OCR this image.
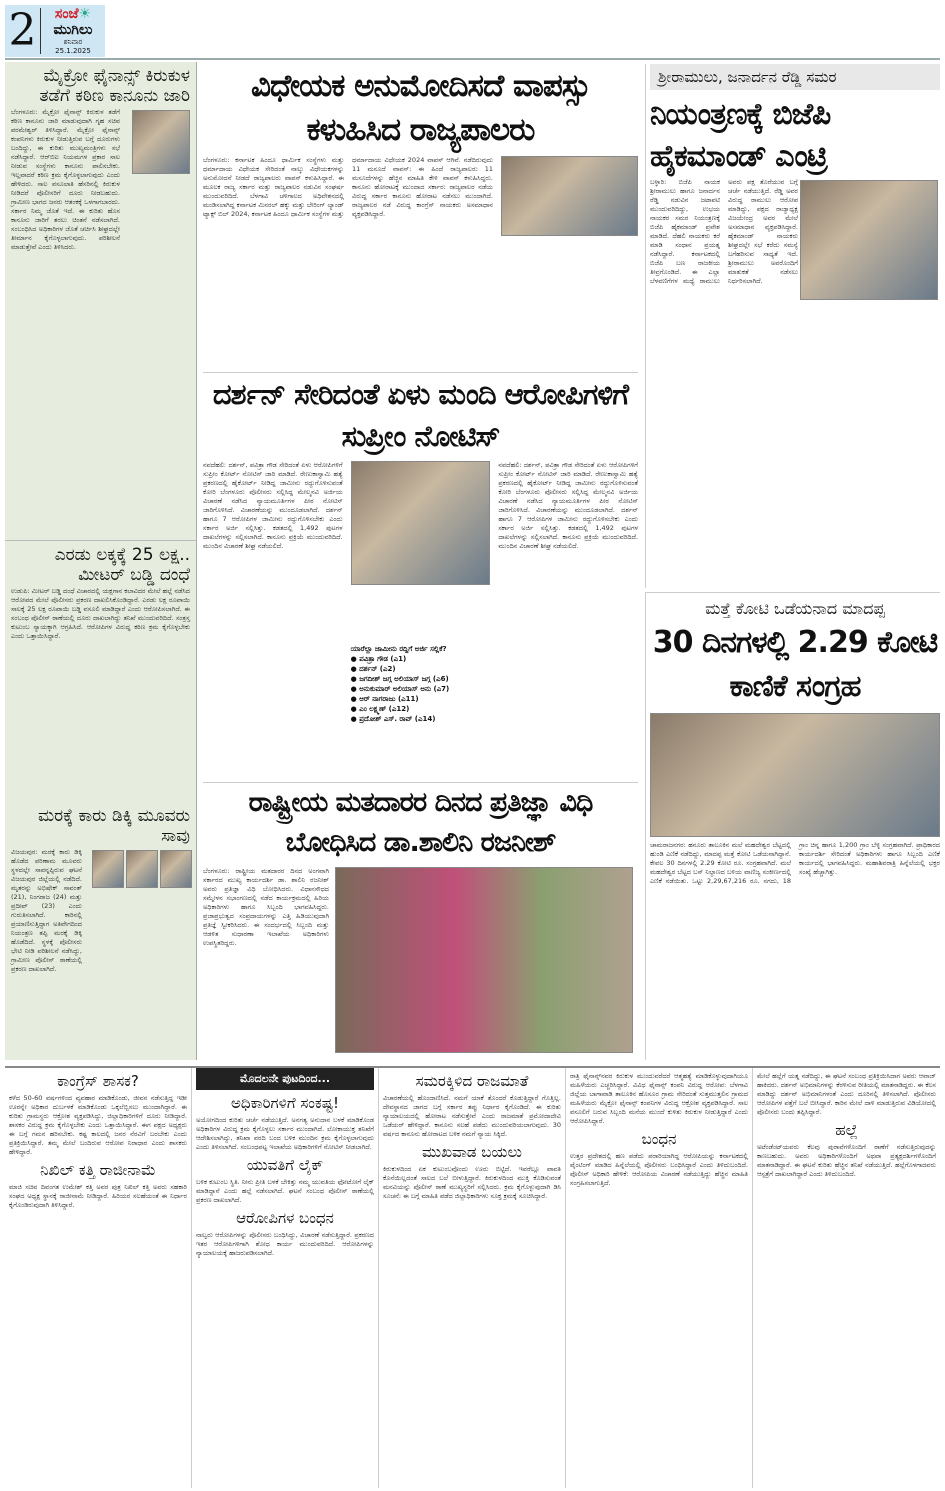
2	ಸಂಜೆ☀ಮುಗಿಲು
ಶನಿವಾರ
25.1.2025
ಮೈಕ್ರೋ ಫೈನಾನ್ಸ್ ಕಿರುಕುಳ ತಡೆಗೆ ಕಠಿಣ ಕಾನೂನು ಜಾರಿ
ಬೆಂಗಳೂರು: ಮೈಕ್ರೋ ಫೈನಾನ್ಸ್ ಕಿರುಕುಳ ತಡೆಗೆ ಕಠಿಣ ಕಾನೂನು ಜಾರಿ ಮಾಡುವುದಾಗಿ ಗೃಹ ಸಚಿವ ಪರಮೇಶ್ವರ್ ತಿಳಿಸಿದ್ದಾರೆ. ಮೈಕ್ರೋ ಫೈನಾನ್ಸ್ ಕಂಪನಿಗಳು ಕಿರುಕುಳ ನೀಡುತ್ತಿರುವ ಬಗ್ಗೆ ದೂರುಗಳು ಬಂದಿದ್ದು, ಈ ಕುರಿತು ಮುಖ್ಯಮಂತ್ರಿಗಳು ಸಭೆ ನಡೆಸಿದ್ದಾರೆ. ಆರ್‌ಬಿಐ ನಿಯಮಗಳ ಪ್ರಕಾರ ಸಾಲ ನೀಡುವ ಸಂಸ್ಥೆಗಳು ಕಾನೂನು ಪಾಲಿಸಬೇಕು. ಇಲ್ಲವಾದರೆ ಕಠಿಣ ಕ್ರಮ ಕೈಗೊಳ್ಳಲಾಗುವುದು ಎಂದು ಹೇಳಿದರು. ಸಾಲ ವಸೂಲಾತಿ ಹೆಸರಿನಲ್ಲಿ ಕಿರುಕುಳ ನೀಡಿದರೆ ಪೊಲೀಸರಿಗೆ ದೂರು ನೀಡಬಹುದು. ಗ್ರಾಮೀಣ ಭಾಗದ ಜನರು ಆತಂಕಕ್ಕೆ ಒಳಗಾಗಬಾರದು. ಸರ್ಕಾರ ನಿಮ್ಮ ಜೊತೆ ಇದೆ. ಈ ಕುರಿತು ಹೊಸ ಕಾನೂನು ಜಾರಿಗೆ ತರಲು ಚಿಂತನೆ ನಡೆಸಲಾಗಿದೆ. ಸಂಬಂಧಿಸಿದ ಅಧಿಕಾರಿಗಳ ಜೊತೆ ಚರ್ಚಿಸಿ ಶೀಘ್ರದಲ್ಲೇ ತೀರ್ಮಾನ ಕೈಗೊಳ್ಳಲಾಗುವುದು. ಪರಿಶೀಲನೆ ಮಾಡುತ್ತೇವೆ ಎಂದು ತಿಳಿಸಿದರು.
ಎರಡು ಲಕ್ಕಕ್ಕೆ 25 ಲಕ್ಷ.. ಮೀಟರ್ ಬಡ್ಡಿ ದಂಧೆ
ಉಡುಪಿ: ಮೀಟರ್ ಬಡ್ಡಿ ದಂಧೆ ವಿಚಾರದಲ್ಲಿ ಯಕ್ಷಗಾನ ಕಲಾವಿದರ ಮೇಲೆ ಹಲ್ಲೆ ನಡೆಸಿದ ಆರೋಪದ ಮೇಲೆ ಪೊಲೀಸರು ಪ್ರಕರಣ ದಾಖಲಿಸಿಕೊಂಡಿದ್ದಾರೆ. ಎರಡು ಲಕ್ಷ ರೂಪಾಯಿ ಸಾಲಕ್ಕೆ 25 ಲಕ್ಷ ರೂಪಾಯಿ ಬಡ್ಡಿ ವಸೂಲಿ ಮಾಡಿದ್ದಾರೆ ಎಂದು ಆರೋಪಿಸಲಾಗಿದೆ. ಈ ಸಂಬಂಧ ಪೊಲೀಸ್ ಠಾಣೆಯಲ್ಲಿ ದೂರು ದಾಖಲಾಗಿದ್ದು ತನಿಖೆ ಮುಂದುವರಿದಿದೆ. ಸಂತ್ರಸ್ತ ಕುಟುಂಬ ನ್ಯಾಯಕ್ಕಾಗಿ ಆಗ್ರಹಿಸಿದೆ. ಆರೋಪಿಗಳ ವಿರುದ್ಧ ಕಠಿಣ ಕ್ರಮ ಕೈಗೊಳ್ಳಬೇಕು ಎಂದು ಒತ್ತಾಯಿಸಿದ್ದಾರೆ.
ಮರಕ್ಕೆ ಕಾರು ಡಿಕ್ಕಿ ಮೂವರು ಸಾವು
ವಿಜಯಪುರ: ಮರಕ್ಕೆ ಕಾರು ಡಿಕ್ಕಿ ಹೊಡೆದ ಪರಿಣಾಮ ಮೂವರು ಸ್ಥಳದಲ್ಲೇ ಸಾವನ್ನಪ್ಪಿರುವ ಘಟನೆ ವಿಜಯಪುರ ಜಿಲ್ಲೆಯಲ್ಲಿ ನಡೆದಿದೆ. ಮೃತರನ್ನು ಅಭಿಷೇಕ್ ಸಾವಂತ್ (21), ನಿಂಗರಾಜ (24) ಮತ್ತು ಪ್ರದೀಪ್ (23) ಎಂದು ಗುರುತಿಸಲಾಗಿದೆ. ಕಾರಿನಲ್ಲಿ ಪ್ರಯಾಣಿಸುತ್ತಿದ್ದಾಗ ಅತಿವೇಗದಿಂದ ನಿಯಂತ್ರಣ ತಪ್ಪಿ ಮರಕ್ಕೆ ಡಿಕ್ಕಿ ಹೊಡೆದಿದೆ. ಸ್ಥಳಕ್ಕೆ ಪೊಲೀಸರು ಭೇಟಿ ನೀಡಿ ಪರಿಶೀಲನೆ ನಡೆಸಿದ್ದು, ಗ್ರಾಮೀಣ ಪೊಲೀಸ್ ಠಾಣೆಯಲ್ಲಿ ಪ್ರಕರಣ ದಾಖಲಾಗಿದೆ.
ವಿಧೇಯಕ ಅನುಮೋದಿಸದೆ ವಾಪಸ್ಸು ಕಳುಹಿಸಿದ ರಾಜ್ಯಪಾಲರು
ಬೆಂಗಳೂರು: ಕರ್ನಾಟಕ ಹಿಂದೂ ಧಾರ್ಮಿಕ ಸಂಸ್ಥೆಗಳು ಮತ್ತು ಧರ್ಮಾದಾಯ ವಿಧೇಯಕ ಸೇರಿದಂತೆ ನಾಲ್ಕು ವಿಧೇಯಕಗಳನ್ನು ಅನುಮೋದನೆ ನೀಡದೆ ರಾಜ್ಯಪಾಲರು ವಾಪಸ್ ಕಳುಹಿಸಿದ್ದಾರೆ. ಈ ಮೂಲಕ ರಾಜ್ಯ ಸರ್ಕಾರ ಮತ್ತು ರಾಜ್ಯಪಾಲರ ನಡುವಿನ ಸಂಘರ್ಷ ಮುಂದುವರಿದಿದೆ. ಬೆಳಗಾವಿ ಚಳಿಗಾಲದ ಅಧಿವೇಶನದಲ್ಲಿ ಮಂಡಿಸಲಾಗಿದ್ದ ಕರ್ನಾಟಕ ಮಿನರಲ್ ಹಕ್ಕು ಮತ್ತು ಬೇರಿಂಗ್ ಲ್ಯಾಂಡ್ ಟ್ಯಾಕ್ಸ್ ಬಿಲ್ 2024, ಕರ್ನಾಟಕ ಹಿಂದೂ ಧಾರ್ಮಿಕ ಸಂಸ್ಥೆಗಳ ಮತ್ತು ಧರ್ಮಾದಾಯ ವಿಧೇಯಕ 2024 ವಾಪಸ್ ಆಗಿವೆ. ನಡೆದಿರುವುದು 11 ಮಸೂದೆ ವಾಪಸ್: ಈ ಹಿಂದೆ ರಾಜ್ಯಪಾಲರು 11 ಮಸೂದೆಗಳನ್ನು ಹೆಚ್ಚಿನ ಮಾಹಿತಿ ಕೇಳಿ ವಾಪಸ್ ಕಳುಹಿಸಿದ್ದರು. ಕಾನೂನು ಹೋರಾಟಕ್ಕೆ ಮುಂದಾದ ಸರ್ಕಾರ: ರಾಜ್ಯಪಾಲರ ನಡೆಯ ವಿರುದ್ಧ ಸರ್ಕಾರ ಕಾನೂನು ಹೋರಾಟ ನಡೆಸಲು ಮುಂದಾಗಿದೆ. ರಾಜ್ಯಪಾಲರ ನಡೆ ವಿರುದ್ಧ ಕಾಂಗ್ರೆಸ್ ನಾಯಕರು ಅಸಮಾಧಾನ ವ್ಯಕ್ತಪಡಿಸಿದ್ದಾರೆ.
ಶ್ರೀರಾಮುಲು, ಜನಾರ್ದನ ರೆಡ್ಡಿ ಸಮರ
ನಿಯಂತ್ರಣಕ್ಕೆ ಬಿಜೆಪಿ ಹೈಕಮಾಂಡ್ ಎಂಟ್ರಿ
ಬಳ್ಳಾರಿ: ಬಿಜೆಪಿ ನಾಯಕ ಶ್ರೀರಾಮುಲು ಹಾಗೂ ಜನಾರ್ದನ ರೆಡ್ಡಿ ನಡುವಿನ ಜಟಾಪಟಿ ಮುಂದುವರಿದಿದ್ದು, ಉಭಯ ನಾಯಕರ ಸಮರ ನಿಯಂತ್ರಣಕ್ಕೆ ಬಿಜೆಪಿ ಹೈಕಮಾಂಡ್ ಪ್ರವೇಶ ಮಾಡಿದೆ. ದೆಹಲಿ ನಾಯಕರು ಕರೆ ಮಾಡಿ ಸಂಧಾನ ಪ್ರಯತ್ನ ನಡೆಸಿದ್ದಾರೆ. ಕರ್ನಾಟಕದಲ್ಲಿ ಬಿಜೆಪಿ ಬಣ ರಾಜಕೀಯ ತೀವ್ರಗೊಂಡಿದೆ. ಈ ಎಲ್ಲಾ ಬೆಳವಣಿಗೆಗಳ ಮಧ್ಯೆ ರಾಮುಲು ಅವರು ಪಕ್ಷ ತೊರೆಯುವ ಬಗ್ಗೆ ಚರ್ಚೆ ನಡೆಯುತ್ತಿದೆ. ರೆಡ್ಡಿ ಅವರ ವಿರುದ್ಧ ರಾಮುಲು ಆರೋಪ ಮಾಡಿದ್ದು, ಪಕ್ಷದ ರಾಜ್ಯಾಧ್ಯಕ್ಷ ವಿಜಯೇಂದ್ರ ಅವರ ಮೇಲೆ ಅಸಮಾಧಾನ ವ್ಯಕ್ತಪಡಿಸಿದ್ದಾರೆ. ಹೈಕಮಾಂಡ್ ನಾಯಕರು ಶೀಘ್ರದಲ್ಲೇ ಸಭೆ ಕರೆದು ಸಮಸ್ಯೆ ಬಗೆಹರಿಸುವ ಸಾಧ್ಯತೆ ಇದೆ. ಶ್ರೀರಾಮುಲು ಅವರೊಂದಿಗೆ ಮಾತುಕತೆ ನಡೆಸಲು ನಿರ್ಧರಿಸಲಾಗಿದೆ.
ದರ್ಶನ್ ಸೇರಿದಂತೆ ಏಳು ಮಂದಿ ಆರೋಪಿಗಳಿಗೆ ಸುಪ್ರೀಂ ನೋಟಿಸ್
ನವದೆಹಲಿ: ದರ್ಶನ್, ಪವಿತ್ರಾ ಗೌಡ ಸೇರಿದಂತೆ ಏಳು ಆರೋಪಿಗಳಿಗೆ ಸುಪ್ರೀಂ ಕೋರ್ಟ್ ನೋಟಿಸ್ ಜಾರಿ ಮಾಡಿದೆ. ರೇಣುಕಾಸ್ವಾಮಿ ಹತ್ಯೆ ಪ್ರಕರಣದಲ್ಲಿ ಹೈಕೋರ್ಟ್ ನೀಡಿದ್ದ ಜಾಮೀನು ರದ್ದುಗೊಳಿಸುವಂತೆ ಕೋರಿ ಬೆಂಗಳೂರು ಪೊಲೀಸರು ಸಲ್ಲಿಸಿದ್ದ ಮೇಲ್ಮನವಿ ಅರ್ಜಿಯ ವಿಚಾರಣೆ ನಡೆಸಿದ ನ್ಯಾಯಮೂರ್ತಿಗಳ ಪೀಠ ನೋಟಿಸ್ ಜಾರಿಗೊಳಿಸಿದೆ. ವಿಚಾರಣೆಯನ್ನು ಮುಂದೂಡಲಾಗಿದೆ. ದರ್ಶನ್ ಹಾಗೂ 7 ಆರೋಪಿಗಳ ಜಾಮೀನು ರದ್ದುಗೊಳಿಸಬೇಕು ಎಂದು ಸರ್ಕಾರ ಅರ್ಜಿ ಸಲ್ಲಿಸಿತ್ತು. ಕಡತದಲ್ಲಿ 1,492 ಪುಟಗಳ ದಾಖಲೆಗಳನ್ನು ಸಲ್ಲಿಸಲಾಗಿದೆ. ಕಾನೂನು ಪ್ರಕ್ರಿಯೆ ಮುಂದುವರಿದಿದೆ. ಮುಂದಿನ ವಿಚಾರಣೆ ಶೀಘ್ರ ನಡೆಯಲಿದೆ.
ಯಾರೆಲ್ಲಾ ಜಾಮೀನು ರದ್ದಿಗೆ ಅರ್ಜಿ ಸಲ್ಲಿಕೆ?
● ಪವಿತ್ರಾ ಗೌಡ (ಎ1)
● ದರ್ಶನ್ (ಎ2)
● ಜಗದೀಶ್ ಜಗ್ಗ ಅಲಿಯಾಸ್ ಜಗ್ಗ (ಎ6)
● ಅನುಕುಮಾರ್ ಅಲಿಯಾಸ್ ಅನು (ಎ7)
● ಆರ್ ನಾಗರಾಜು (ಎ11)
● ಎಂ ಲಕ್ಷ್ಮಣ್ (ಎ12)
● ಪ್ರದೋಶ್ ಎಸ್. ರಾವ್ (ಎ14)
ನವದೆಹಲಿ: ದರ್ಶನ್, ಪವಿತ್ರಾ ಗೌಡ ಸೇರಿದಂತೆ ಏಳು ಆರೋಪಿಗಳಿಗೆ ಸುಪ್ರೀಂ ಕೋರ್ಟ್ ನೋಟಿಸ್ ಜಾರಿ ಮಾಡಿದೆ. ರೇಣುಕಾಸ್ವಾಮಿ ಹತ್ಯೆ ಪ್ರಕರಣದಲ್ಲಿ ಹೈಕೋರ್ಟ್ ನೀಡಿದ್ದ ಜಾಮೀನು ರದ್ದುಗೊಳಿಸುವಂತೆ ಕೋರಿ ಬೆಂಗಳೂರು ಪೊಲೀಸರು ಸಲ್ಲಿಸಿದ್ದ ಮೇಲ್ಮನವಿ ಅರ್ಜಿಯ ವಿಚಾರಣೆ ನಡೆಸಿದ ನ್ಯಾಯಮೂರ್ತಿಗಳ ಪೀಠ ನೋಟಿಸ್ ಜಾರಿಗೊಳಿಸಿದೆ. ವಿಚಾರಣೆಯನ್ನು ಮುಂದೂಡಲಾಗಿದೆ. ದರ್ಶನ್ ಹಾಗೂ 7 ಆರೋಪಿಗಳ ಜಾಮೀನು ರದ್ದುಗೊಳಿಸಬೇಕು ಎಂದು ಸರ್ಕಾರ ಅರ್ಜಿ ಸಲ್ಲಿಸಿತ್ತು. ಕಡತದಲ್ಲಿ 1,492 ಪುಟಗಳ ದಾಖಲೆಗಳನ್ನು ಸಲ್ಲಿಸಲಾಗಿದೆ. ಕಾನೂನು ಪ್ರಕ್ರಿಯೆ ಮುಂದುವರಿದಿದೆ. ಮುಂದಿನ ವಿಚಾರಣೆ ಶೀಘ್ರ ನಡೆಯಲಿದೆ.
ಮತ್ತೆ ಕೋಟಿ ಒಡೆಯನಾದ ಮಾದಪ್ಪ
30 ದಿನಗಳಲ್ಲಿ 2.29 ಕೋಟಿ ಕಾಣಿಕೆ ಸಂಗ್ರಹ
ಚಾಮರಾಜನಗರ: ಹನೂರು ತಾಲೂಕಿನ ಮಲೆ ಮಹದೇಶ್ವರ ಬೆಟ್ಟದಲ್ಲಿ ಹುಂಡಿ ಎಣಿಕೆ ನಡೆದಿದ್ದು, ಮಾದಪ್ಪ ಮತ್ತೆ ಕೋಟಿ ಒಡೆಯನಾಗಿದ್ದಾನೆ. ಕೇವಲ 30 ದಿನಗಳಲ್ಲಿ 2.29 ಕೋಟಿ ರೂ. ಸಂಗ್ರಹವಾಗಿದೆ. ಮಲೆ ಮಹದೇಶ್ವರ ಬೆಟ್ಟದ ಬಸ್ ನಿಲ್ದಾಣದ ಬಳಿಯ ವಾಣಿಜ್ಯ ಸಂಕೀರ್ಣದಲ್ಲಿ ಎಣಿಕೆ ನಡೆಯಿತು. ಒಟ್ಟು 2,29,67,216 ರೂ. ನಗದು, 18 ಗ್ರಾಂ ಚಿನ್ನ ಹಾಗೂ 1,200 ಗ್ರಾಂ ಬೆಳ್ಳಿ ಸಂಗ್ರಹವಾಗಿದೆ. ಪ್ರಾಧಿಕಾರದ ಕಾರ್ಯದರ್ಶಿ ಸೇರಿದಂತೆ ಅಧಿಕಾರಿಗಳು ಹಾಗೂ ಸಿಬ್ಬಂದಿ ಎಣಿಕೆ ಕಾರ್ಯದಲ್ಲಿ ಭಾಗವಹಿಸಿದ್ದರು. ಮಹಾಶಿವರಾತ್ರಿ ಹಿನ್ನೆಲೆಯಲ್ಲಿ ಭಕ್ತರ ಸಂಖ್ಯೆ ಹೆಚ್ಚಾಗಿತ್ತು.
ರಾಷ್ಟ್ರೀಯ ಮತದಾರರ ದಿನದ ಪ್ರತಿಜ್ಞಾ ವಿಧಿ ಬೋಧಿಸಿದ ಡಾ.ಶಾಲಿನಿ ರಜನೀಶ್
ಬೆಂಗಳೂರು: ರಾಷ್ಟ್ರೀಯ ಮತದಾರರ ದಿನದ ಅಂಗವಾಗಿ ಸರ್ಕಾರದ ಮುಖ್ಯ ಕಾರ್ಯದರ್ಶಿ ಡಾ. ಶಾಲಿನಿ ರಜನೀಶ್ ಅವರು ಪ್ರತಿಜ್ಞಾ ವಿಧಿ ಬೋಧಿಸಿದರು. ವಿಧಾನಸೌಧದ ಸಮ್ಮೇಳನ ಸಭಾಂಗಣದಲ್ಲಿ ನಡೆದ ಕಾರ್ಯಕ್ರಮದಲ್ಲಿ ಹಿರಿಯ ಅಧಿಕಾರಿಗಳು ಹಾಗೂ ಸಿಬ್ಬಂದಿ ಭಾಗವಹಿಸಿದ್ದರು. ಪ್ರಜಾಪ್ರಭುತ್ವದ ಸಂಪ್ರದಾಯಗಳನ್ನು ಎತ್ತಿ ಹಿಡಿಯುವುದಾಗಿ ಪ್ರತಿಜ್ಞೆ ಸ್ವೀಕರಿಸಿದರು. ಈ ಸಂದರ್ಭದಲ್ಲಿ ಸಿಬ್ಬಂದಿ ಮತ್ತು ಆಡಳಿತ ಸುಧಾರಣಾ ಇಲಾಖೆಯ ಅಧಿಕಾರಿಗಳು ಉಪಸ್ಥಿತರಿದ್ದರು.
ಕಾಂಗ್ರೆಸ್ ಶಾಸಕ?
ಕಳೆದ 50-60 ವರ್ಷಗಳಿಂದ ವ್ಯವಹಾರ ಮಾಡಿಕೊಂಡು, ಜೀವನ ನಡೆಸುತ್ತಿದ್ದ ಇಡೀ ಊರನ್ನೇ ಅಧಿಕಾರ ದುರ್ಬಳಕೆ ಮಾಡಿಕೊಂಡು ಒಕ್ಕಲೆಬ್ಬಿಸಲು ಮುಂದಾಗಿದ್ದಾರೆ. ಈ ಕುರಿತು ಗ್ರಾಮಸ್ಥರು ಆಕ್ರೋಶ ವ್ಯಕ್ತಪಡಿಸಿದ್ದು, ಜಿಲ್ಲಾಧಿಕಾರಿಗಳಿಗೆ ದೂರು ನೀಡಿದ್ದಾರೆ. ಶಾಸಕರ ವಿರುದ್ಧ ಕ್ರಮ ಕೈಗೊಳ್ಳಬೇಕು ಎಂದು ಒತ್ತಾಯಿಸಿದ್ದಾರೆ. ಈಗ ಪಕ್ಷದ ಅಧ್ಯಕ್ಷರು ಈ ಬಗ್ಗೆ ಗಮನ ಹರಿಸಬೇಕು. ಕಷ್ಟ ಕಾಲದಲ್ಲಿ ಜನರ ನೆರವಿಗೆ ಬರಬೇಕು ಎಂದು ಪ್ರತಿಕ್ರಿಯಿಸಿದ್ದಾರೆ. ತಮ್ಮ ಮೇಲೆ ಬಂದಿರುವ ಆರೋಪ ನಿರಾಧಾರ ಎಂದು ಶಾಸಕರು ಹೇಳಿದ್ದಾರೆ.
ನಿಖಿಲ್ ಕತ್ತಿ ರಾಜೀನಾಮೆ
ಮಾಜಿ ಸಚಿವ ದಿವಂಗತ ಉಮೇಶ್ ಕತ್ತಿ ಅವರ ಪುತ್ರ ನಿಖಿಲ್ ಕತ್ತಿ ಅವರು ಸಹಕಾರಿ ಸಂಘದ ಅಧ್ಯಕ್ಷ ಸ್ಥಾನಕ್ಕೆ ರಾಜೀನಾಮೆ ನೀಡಿದ್ದಾರೆ. ಹಿರಿಯರ ಸಲಹೆಯಂತೆ ಈ ನಿರ್ಧಾರ ಕೈಗೊಂಡಿರುವುದಾಗಿ ತಿಳಿಸಿದ್ದಾರೆ.
ಮೊದಲನೇ ಪುಟದಿಂದ...
ಅಧಿಕಾರಿಗಳಿಗೆ ಸಂಕಷ್ಟ!
ಅಯೋಗದಿಂದ ಕುರಿತು ಚರ್ಚೆ ನಡೆಯುತ್ತಿದೆ. ಅನಗತ್ಯ ಅನುದಾನ ಬಳಕೆ ಮಾಡಿಕೊಂಡ ಅಧಿಕಾರಿಗಳ ವಿರುದ್ಧ ಕ್ರಮ ಕೈಗೊಳ್ಳಲು ಸರ್ಕಾರ ಮುಂದಾಗಿದೆ. ಲೋಕಾಯುಕ್ತ ತನಿಖೆಗೆ ಆದೇಶಿಸಲಾಗಿದ್ದು, ತನಿಖಾ ವರದಿ ಬಂದ ಬಳಿಕ ಮುಂದಿನ ಕ್ರಮ ಕೈಗೊಳ್ಳಲಾಗುವುದು ಎಂದು ತಿಳಿಸಲಾಗಿದೆ. ಸಂಬಂಧಪಟ್ಟ ಇಲಾಖೆಯ ಅಧಿಕಾರಿಗಳಿಗೆ ನೋಟಿಸ್ ನೀಡಲಾಗಿದೆ.
ಯುವತಿಗೆ ಲೈಕ್
ಬಳಿಕ ಕುಟುಂಬ ಸ್ಥಿತಿ. ನೀನು ಪ್ರೀತಿ ಬಳಕೆ ಬೇಕಿತ್ತು ನಮ್ಮ ಯುವತಿಯ ಫೋಟೋಗೆ ಲೈಕ್ ಮಾಡಿದ್ದಾನೆ ಎಂದು ಹಲ್ಲೆ ನಡೆಸಲಾಗಿದೆ. ಘಟನೆ ಸಂಬಂಧ ಪೊಲೀಸ್ ಠಾಣೆಯಲ್ಲಿ ಪ್ರಕರಣ ದಾಖಲಾಗಿದೆ.
ಆರೋಪಿಗಳ ಬಂಧನ
ನಾಲ್ವರು ಆರೋಪಿಗಳನ್ನು ಪೊಲೀಸರು ಬಂಧಿಸಿದ್ದು, ವಿಚಾರಣೆ ನಡೆಸುತ್ತಿದ್ದಾರೆ. ಪ್ರಕರಣದ ಇತರ ಆರೋಪಿಗಳಿಗಾಗಿ ಶೋಧ ಕಾರ್ಯ ಮುಂದುವರಿದಿದೆ. ಆರೋಪಿಗಳನ್ನು ನ್ಯಾಯಾಲಯಕ್ಕೆ ಹಾಜರುಪಡಿಸಲಾಗಿದೆ.
ಸಮರಕ್ಕಿಳಿದ ರಾಜಮಾತೆ
ವಿಚಾರಣೆಯಲ್ಲಿ ಹೊಂದಾಣಿಸಿದೆ. ನಮಗೆ ಯಾಕೆ ತೊಂದರೆ ಕೊಡುತ್ತಿದ್ದಾರೆ ಗೊತ್ತಿಲ್ಲ. ದೇವಸ್ಥಾನದ ಜಾಗದ ಬಗ್ಗೆ ಸರ್ಕಾರ ತಪ್ಪು ನಿರ್ಧಾರ ಕೈಗೊಂಡಿದೆ. ಈ ಕುರಿತು ನ್ಯಾಯಾಲಯದಲ್ಲಿ ಹೋರಾಟ ನಡೆಸುತ್ತೇವೆ ಎಂದು ರಾಜಮಾತೆ ಪ್ರಮೋದಾದೇವಿ ಒಡೆಯರ್ ಹೇಳಿದ್ದಾರೆ. ಕಾನೂನು ಸಲಹೆ ಪಡೆದು ಮುಂದುವರಿಯಲಾಗುವುದು. 30 ವರ್ಷದ ಕಾನೂನು ಹೋರಾಟದ ಬಳಿಕ ನಮಗೆ ನ್ಯಾಯ ಸಿಕ್ಕಿದೆ.
ಮುಖವಾಡ ಬಯಲು
ಕಿರುಕುಳದಿಂದ ಏಕ ಕುಟುಂಬವೊಂದು ಊರು ಬಿಟ್ಟಿದೆ. ಇವರೆಲ್ಲೂ ಪಾವತಿ ಕೊನೆಯಿಲ್ಲದಂತೆ ಸಾಲದ ಬಲೆ ಬೀಳುತ್ತಿದ್ದಾರೆ. ಕಿರುಕುಳದಿಂದ ಮುಕ್ತಿ ಕೊಡಿಸುವಂತೆ ಮನವಿಯನ್ನು ಪೊಲೀಸ್ ಠಾಣೆ ಮುಖ್ಯಸ್ಥರಿಗೆ ಸಲ್ಲಿಸಿದರು. ಕ್ರಮ ಕೈಗೊಳ್ಳುವುದಾಗಿ ಡಿಸಿ ಸೂಚನೆ: ಈ ಬಗ್ಗೆ ಮಾಹಿತಿ ಪಡೆದ ಜಿಲ್ಲಾಧಿಕಾರಿಗಳು ಸೂಕ್ತ ಕ್ರಮಕ್ಕೆ ಸೂಚಿಸಿದ್ದಾರೆ.
ರಾತ್ರಿ ಫೈನಾನ್ಸ್‌ನವರ ಕಿರುಕುಳ ಮುಂದುವರೆದರೆ ಆತ್ಮಹತ್ಯೆ ಮಾಡಿಕೊಳ್ಳುವುದಾಗಿಯೂ ಮಹಿಳೆಯರು ಎಚ್ಚರಿಸಿದ್ದಾರೆ. ವಿವಿಧ ಫೈನಾನ್ಸ್ ಕಂಪನಿ ವಿರುದ್ಧ ಆರೋಪ: ಬೆಳಗಾವಿ ಜಿಲ್ಲೆಯ ಬಾಗಾವಾಡಿ ತಾಲೂಕಿನ ಹೊಸೂರ ಗ್ರಾಮ ಸೇರಿದಂತೆ ಸುತ್ತಮುತ್ತಲಿನ ಗ್ರಾಮದ ಮಹಿಳೆಯರು ಮೈಕ್ರೋ ಫೈನಾನ್ಸ್ ಕಂಪನಿಗಳ ವಿರುದ್ಧ ಆಕ್ರೋಶ ವ್ಯಕ್ತಪಡಿಸಿದ್ದಾರೆ. ಸಾಲ ವಸೂಲಿಗೆ ಬರುವ ಸಿಬ್ಬಂದಿ ಮನೆಯ ಮುಂದೆ ಕುಳಿತು ಕಿರುಕುಳ ನೀಡುತ್ತಿದ್ದಾರೆ ಎಂದು ಆರೋಪಿಸಿದ್ದಾರೆ.
ಬಂಧನ
ಉತ್ತರ ಪ್ರದೇಶದಲ್ಲಿ ಹಣ ಪಡೆದು ಪರಾರಿಯಾಗಿದ್ದ ಆರೋಪಿಯನ್ನು ಕರ್ನಾಟಕದಲ್ಲಿ ಪೈಂಟಿಂಗ್ ಮಾಡಿದ ಹಿನ್ನೆಲೆಯಲ್ಲಿ ಪೊಲೀಸರು ಬಂಧಿಸಿದ್ದಾರೆ ಎಂದು ತಿಳಿದುಬಂದಿದೆ. ಪೊಲೀಸ್ ಅಧಿಕಾರಿ ಹೇಳಿಕೆ: ಆರೋಪಿಯ ವಿಚಾರಣೆ ನಡೆಯುತ್ತಿದ್ದು ಹೆಚ್ಚಿನ ಮಾಹಿತಿ ಸಂಗ್ರಹಿಸಲಾಗುತ್ತಿದೆ.
ಮೇಲೆ ಹಲ್ಲೆಗೆ ಯತ್ನ ನಡೆದಿದ್ದು, ಈ ಘಟನೆ ಸಂಬಂಧ ಪ್ರತಿಕ್ರಿಯಿಸಿದಾಗ ಅವರು ಆವಾಜ್ ಹಾಕಿದರು. ದರ್ಶನ್ ಅಭಿಮಾನಿಗಳನ್ನು ಕೆರಳಿಸುವ ರೀತಿಯಲ್ಲಿ ಮಾತನಾಡಿದ್ದರು. ಈ ಕೆಲಸ ಮಾಡಿದ್ದು ದರ್ಶನ್ ಅಭಿಮಾನಿಗಳಂತೆ ಎಂದು ದೂರಿನಲ್ಲಿ ತಿಳಿಸಲಾಗಿದೆ. ಪೊಲೀಸರು ಆರೋಪಿಗಳ ಪತ್ತೆಗೆ ಬಲೆ ಬೀಸಿದ್ದಾರೆ. ಕಾರಿನ ಮೇಲೆ ದಾಳಿ ಮಾಡುತ್ತಿರುವ ವಿಡಿಯೋದಲ್ಲಿ ಪೊಲೀಸರು ಬಂದು ತಪ್ಪಿಸಿದ್ದಾರೆ.
ಹಲ್ಲೆ
ಅಟೆಂಡೆಂಟ್‌ಯವರು ಕೆಲವು ಪುರಾವೆಗಳೊಂದಿಗೆ ಠಾಣೆಗೆ ನಡೆಸುತ್ತಿರುವುದನ್ನು ಕಾಣಬಹುದು. ಅವರು ಅಧಿಕಾರಿಗಳೊಂದಿಗೆ ಅಥವಾ ಪ್ರತ್ಯಕ್ಷದರ್ಶಿಗಳೊಂದಿಗೆ ಮಾತನಾಡಿದ್ದಾರೆ. ಈ ಘಟನೆ ಕುರಿತು ಹೆಚ್ಚಿನ ತನಿಖೆ ನಡೆಯುತ್ತಿದೆ. ಹಲ್ಲೆಗೊಳಗಾದವರು ಆಸ್ಪತ್ರೆಗೆ ದಾಖಲಾಗಿದ್ದಾರೆ ಎಂದು ತಿಳಿದುಬಂದಿದೆ.
